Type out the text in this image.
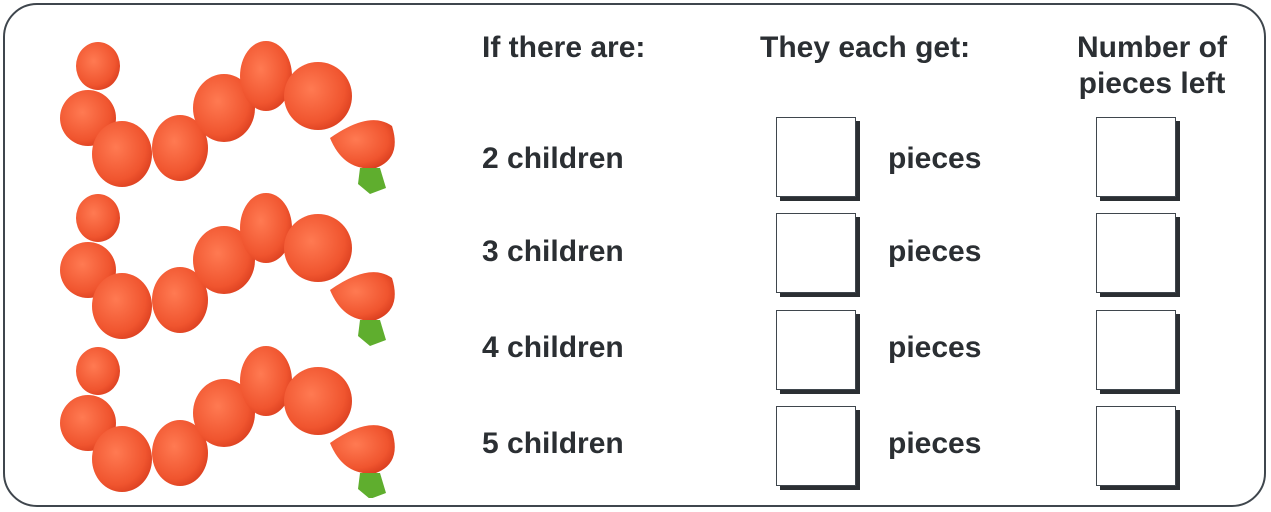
If there are:	They each get:	Number of
pieces left
2 children	pieces
3 children	pieces
4 children	pieces
5 children	pieces
